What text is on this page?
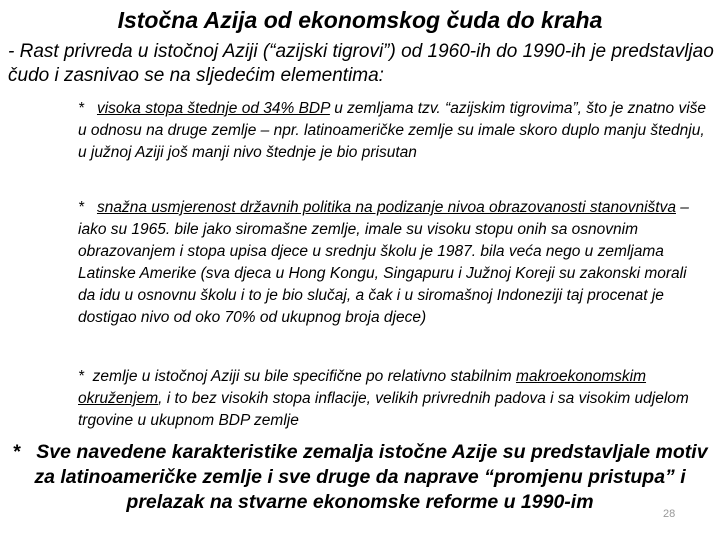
Istočna Azija od ekonomskog čuda do kraha
- Rast privreda u istočnoj Aziji (“azijski tigrovi”) od 1960-ih do 1990-ih je predstavljao čudo i zasnivao se na sljedećim elementima:
* visoka stopa štednje od 34% BDP u zemljama tzv. “azijskim tigrovima”, što je znatno više u odnosu na druge zemlje – npr. latinoameričke zemlje su imale skoro duplo manju štednju, u južnoj Aziji još manji nivo štednje je bio prisutan
* snažna usmjerenost državnih politika na podizanje nivoa obrazovanosti stanovništva – iako su 1965. bile jako siromašne zemlje, imale su visoku stopu onih sa osnovnim obrazovanjem i stopa upisa djece u srednju školu je 1987. bila veća nego u zemljama Latinske Amerike (sva djeca u Hong Kongu, Singapuru i Južnoj Koreji su zakonski morali da idu u osnovnu školu i to je bio slučaj, a čak i u siromašnoj Indoneziji taj procenat je dostigao nivo od oko 70% od ukupnog broja djece)
*  zemlje u istočnoj Aziji su bile specifične po relativno stabilnim makroekonomskim okruženjem, i to bez visokih stopa inflacije, velikih privrednih padova i sa visokim udjelom trgovine u ukupnom BDP zemlje
* Sve navedene karakteristike zemalja istočne Azije su predstavljale motiv za latinoameričke zemlje i sve druge da naprave “promjenu pristupa” i prelazak na stvarne ekonomske reforme u 1990-im
28
